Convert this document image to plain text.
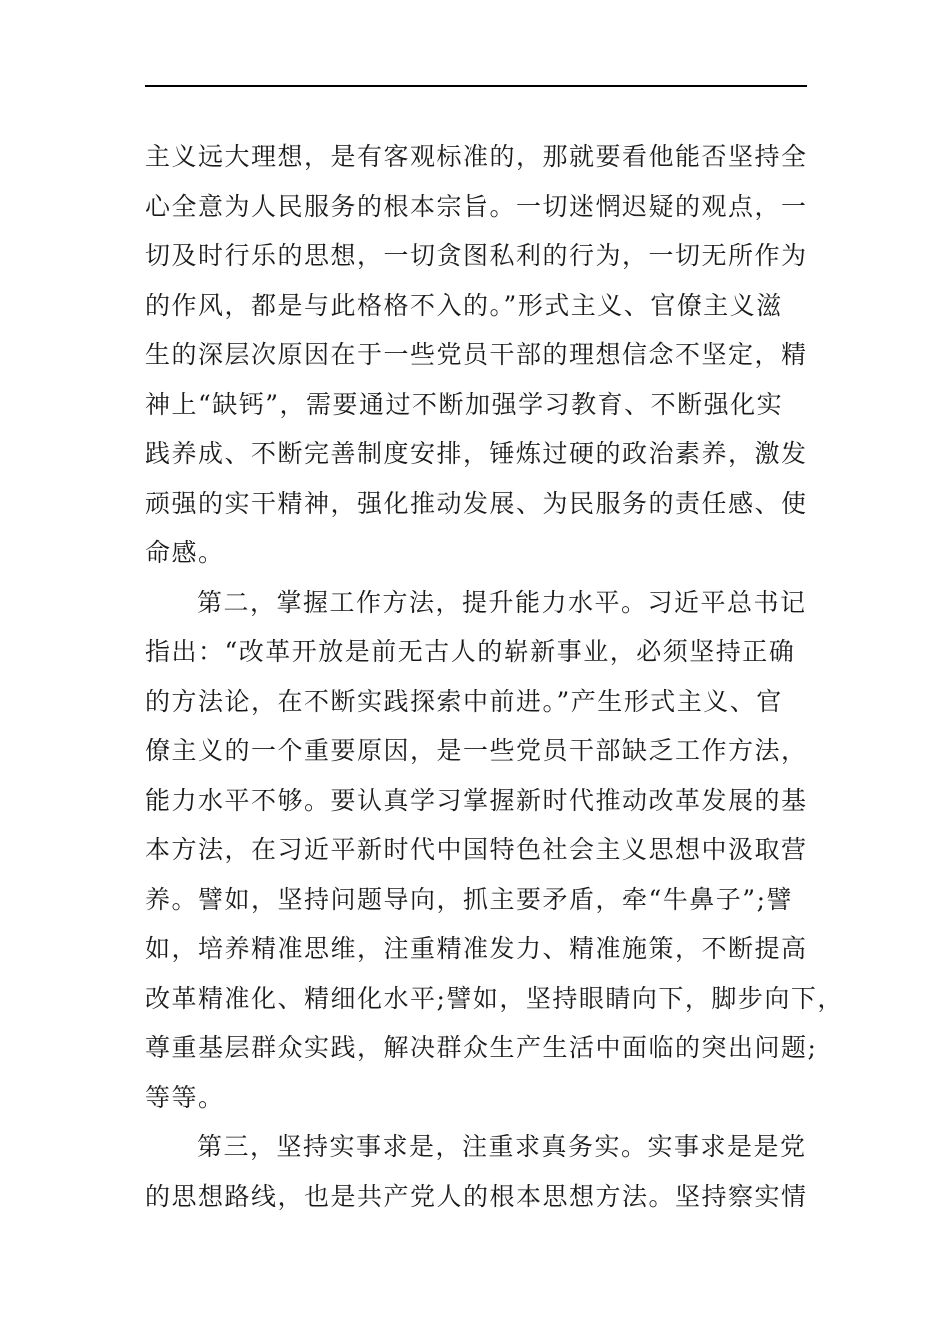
主义远大理想，是有客观标准的，那就要看他能否坚持全
心全意为人民服务的根本宗旨。一切迷惘迟疑的观点，一
切及时行乐的思想，一切贪图私利的行为，一切无所作为
的作风，都是与此格格不入的。”形式主义、官僚主义滋
生的深层次原因在于一些党员干部的理想信念不坚定，精
神上“缺钙”，需要通过不断加强学习教育、不断强化实
践养成、不断完善制度安排，锤炼过硬的政治素养，激发
顽强的实干精神，强化推动发展、为民服务的责任感、使
命感。
第二，掌握工作方法，提升能力水平。习近平总书记
指出：“改革开放是前无古人的崭新事业，必须坚持正确
的方法论，在不断实践探索中前进。”产生形式主义、官
僚主义的一个重要原因，是一些党员干部缺乏工作方法，
能力水平不够。要认真学习掌握新时代推动改革发展的基
本方法，在习近平新时代中国特色社会主义思想中汲取营
养。譬如，坚持问题导向，抓主要矛盾，牵“牛鼻子”;譬
如，培养精准思维，注重精准发力、精准施策，不断提高
改革精准化、精细化水平;譬如，坚持眼睛向下，脚步向下，
尊重基层群众实践，解决群众生产生活中面临的突出问题;
等等。
第三，坚持实事求是，注重求真务实。实事求是是党
的思想路线，也是共产党人的根本思想方法。坚持察实情
